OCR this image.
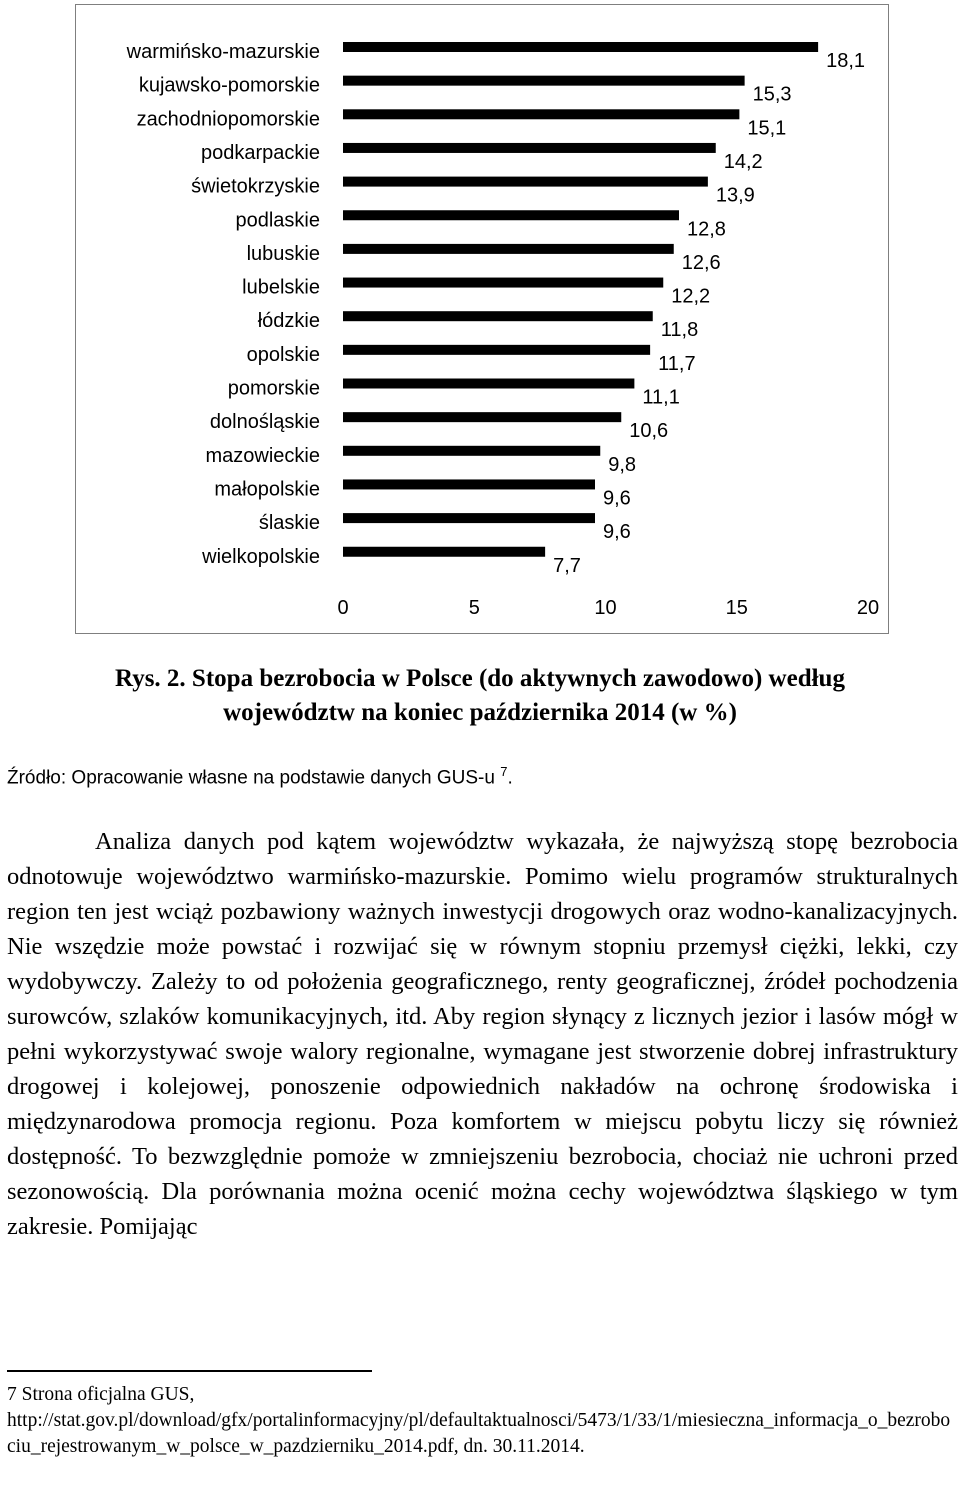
warmińsko-mazurskie	18,1
kujawsko-pomorskie	15,3
zachodniopomorskie	15,1
podkarpackie	14,2
świetokrzyskie	13,9
podlaskie	12,8
lubuskie	12,6
lubelskie	12,2
łódzkie	11,8
opolskie	11,7
pomorskie	11,1
dolnośląskie	10,6
mazowieckie	9,8
małopolskie	9,6
ślaskie	9,6
wielkopolskie	7,7
0	5	10	15	20
Rys. 2. Stopa bezrobocia w Polsce (do aktywnych zawodowo) według
województw na koniec października 2014 (w %)
Źródło: Opracowanie własne na podstawie danych GUS-u $^7$.
Analiza danych pod kątem województw wykazała, że najwyższą stopę bezrobocia odnotowuje województwo warmińsko-mazurskie. Pomimo wielu programów strukturalnych region ten jest wciąż pozbawiony ważnych inwestycji drogowych oraz wodno-kanalizacyjnych. Nie wszędzie może powstać i rozwijać się w równym stopniu przemysł ciężki, lekki, czy wydobywczy. Zależy to od położenia geograficznego, renty geograficznej, źródeł pochodzenia surowców, szlaków komunikacyjnych, itd. Aby region słynący z licznych jezior i lasów mógł w pełni wykorzystywać swoje walory regionalne, wymagane jest stworzenie dobrej infrastruktury drogowej i kolejowej, ponoszenie odpowiednich nakładów na ochronę środowiska i międzynarodowa promocja regionu. Poza komfortem w miejscu pobytu liczy się również dostępność. To bezwzględnie pomoże w zmniejszeniu bezrobocia, chociaż nie uchroni przed sezonowością. Dla porównania można ocenić można cechy województwa śląskiego w tym zakresie. Pomijając
7 Strona oficjalna GUS,
http://stat.gov.pl/download/gfx/portalinformacyjny/pl/defaultaktualnosci/5473/1/33/1/miesieczna_informacja_o_bezrobociu_rejestrowanym_w_polsce_w_pazdzierniku_2014.pdf, dn. 30.11.2014.
